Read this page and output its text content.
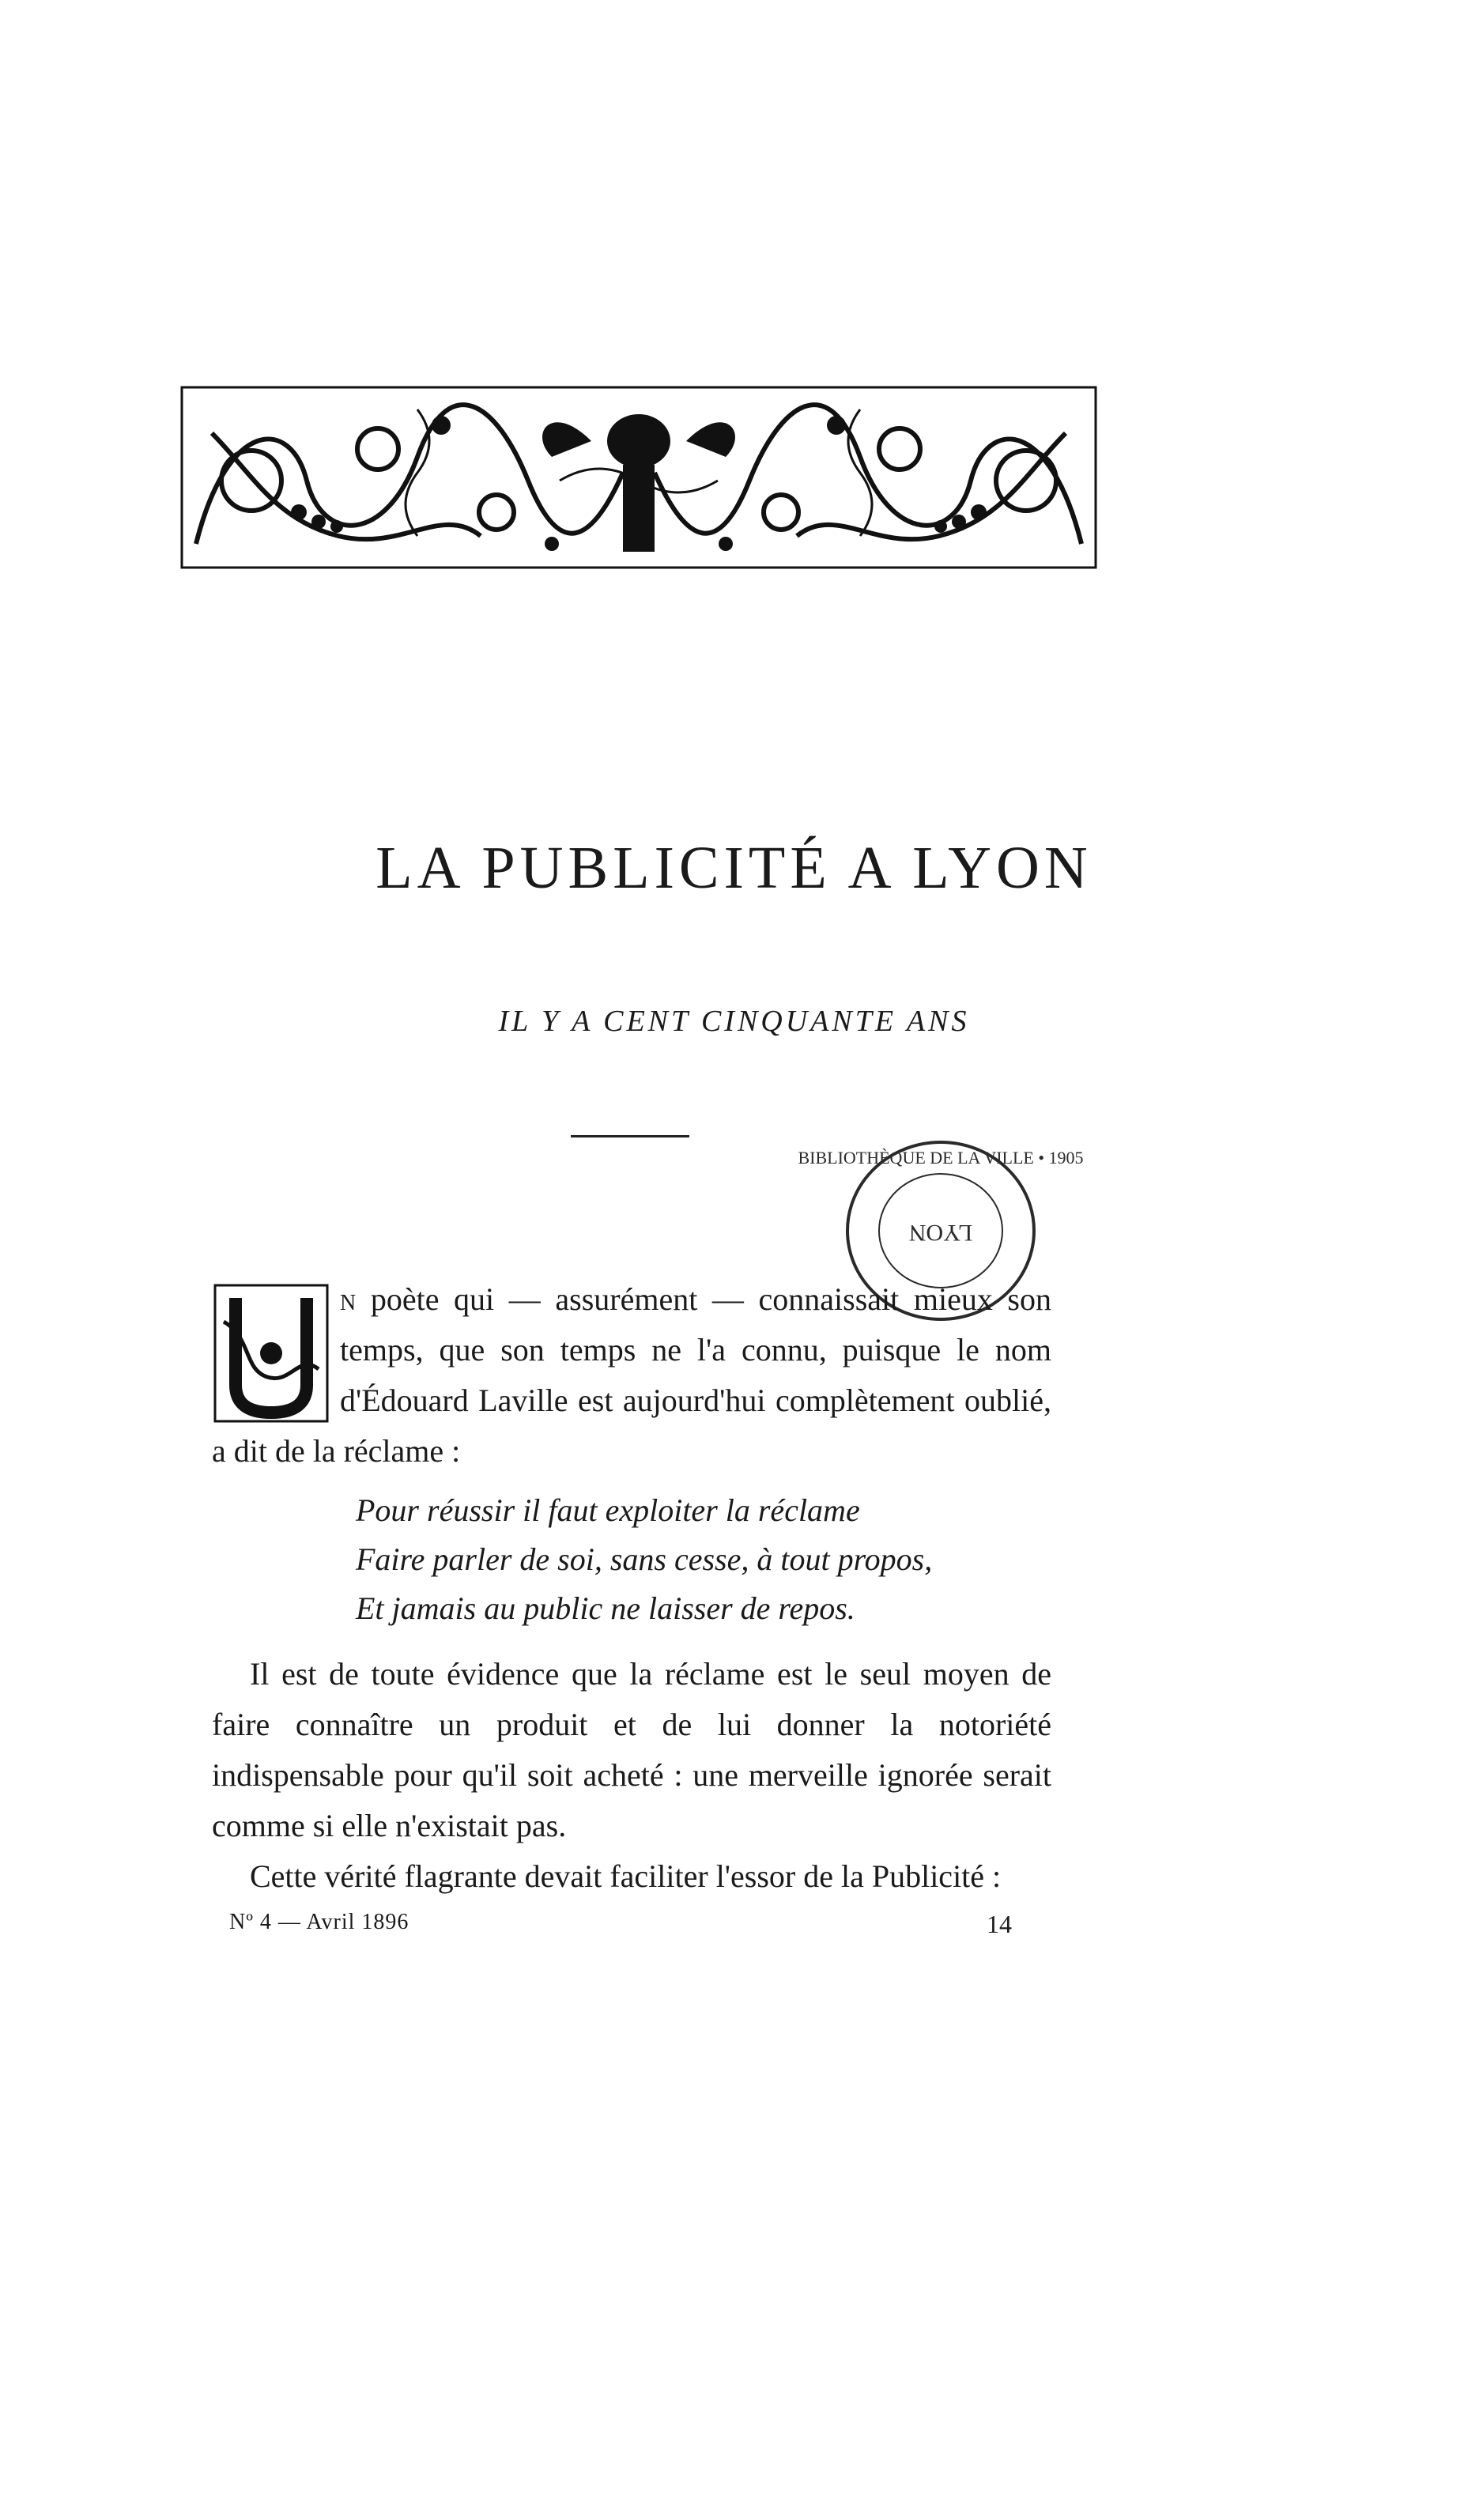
LA PUBLICITÉ A LYON
IL Y A CENT CINQUANTE ANS
BIBLIOTHÈQUE DE LA VILLE • 1905
LYON
U
n poète qui — assurément — connaissait mieux son temps, que son temps ne l'a connu, puisque le nom d'Édouard Laville est aujourd'hui complètement oublié, a dit de la réclame :
Pour réussir il faut exploiter la réclame
Faire parler de soi, sans cesse, à tout propos,
Et jamais au public ne laisser de repos.
Il est de toute évidence que la réclame est le seul moyen de faire connaître un produit et de lui donner la notoriété indispensable pour qu'il soit acheté : une merveille ignorée serait comme si elle n'existait pas.
Cette vérité flagrante devait faciliter l'essor de la Publicité :
Nº 4 — Avril 1896	14
